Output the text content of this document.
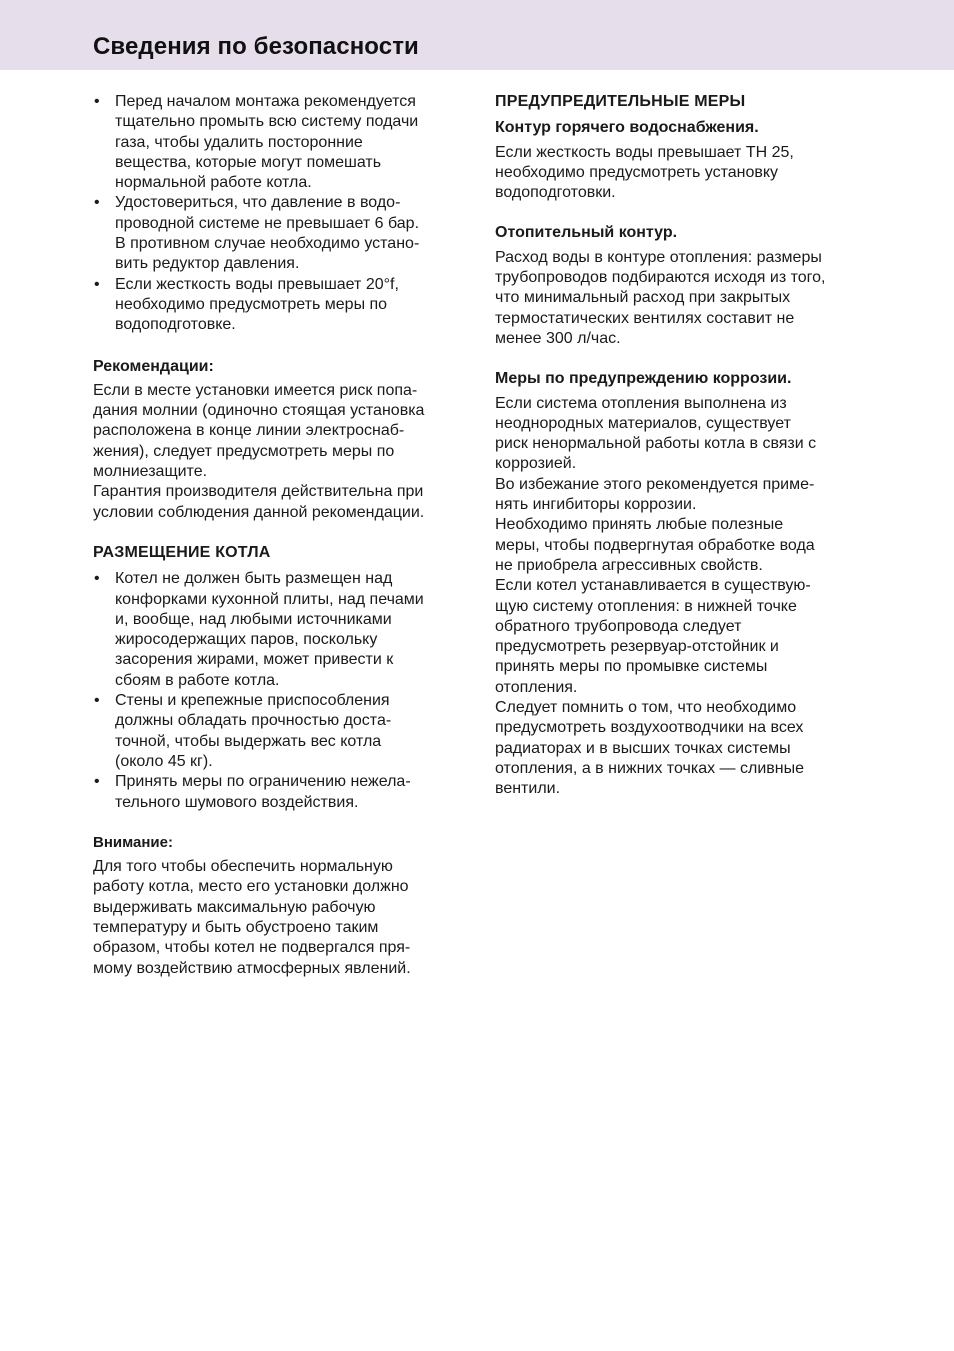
Сведения по безопасности
• Перед началом монтажа рекомендуется
тщательно промыть всю систему подачи
газа, чтобы удалить посторонние
вещества, которые могут помешать
нормальной работе котла.
• Удостовериться, что давление в водо-
проводной системе не превышает 6 бар.
В противном случае необходимо устано-
вить редуктор давления.
• Если жесткость воды превышает 20°f,
необходимо предусмотреть меры по
водоподготовке.
Рекомендации:

Если в месте установки имеется риск попа-
дания молнии (одиночно стоящая установка
расположена в конце линии электроснаб-
жения), следует предусмотреть меры по
молниезащите.
Гарантия производителя действительна при
условии соблюдения данной рекомендации.

РАЗМЕЩЕНИЕ КОТЛА
• Котел не должен быть размещен над
конфорками кухонной плиты, над печами
и, вообще, над любыми источниками
жиросодержащих паров, поскольку
засорения жирами, может привести к
сбоям в работе котла.
• Стены и крепежные приспособления
должны обладать прочностью доста-
точной, чтобы выдержать вес котла
(около 45 кг).
• Принять меры по ограничению нежела-
тельного шумового воздействия.
Внимание:

Для того чтобы обеспечить нормальную
работу котла, место его установки должно
выдерживать максимальную рабочую
температуру и быть обустроено таким
образом, чтобы котел не подвергался пря-
мому воздействию атмосферных явлений.

ПРЕДУПРЕДИТЕЛЬНЫЕ МЕРЫ
Контур горячего водоснабжения.

Если жесткость воды превышает ТН 25,
необходимо предусмотреть установку
водоподготовки.

Отопительный контур.

Расход воды в контуре отопления: размеры
трубопроводов подбираются исходя из того,
что минимальный расход при закрытых
термостатических вентилях составит не
менее 300 л/час.

Меры по предупреждению коррозии.

Если система отопления выполнена из
неоднородных материалов, существует
риск ненормальной работы котла в связи с
коррозией.
Во избежание этого рекомендуется приме-
нять ингибиторы коррозии.
Необходимо принять любые полезные
меры, чтобы подвергнутая обработке вода
не приобрела агрессивных свойств.
Если котел устанавливается в существую-
щую систему отопления: в нижней точке
обратного трубопровода следует
предусмотреть резервуар-отстойник и
принять меры по промывке системы
отопления.
Следует помнить о том, что необходимо
предусмотреть воздухоотводчики на всех
радиаторах и в высших точках системы
отопления, а в нижних точках — сливные
вентили.
